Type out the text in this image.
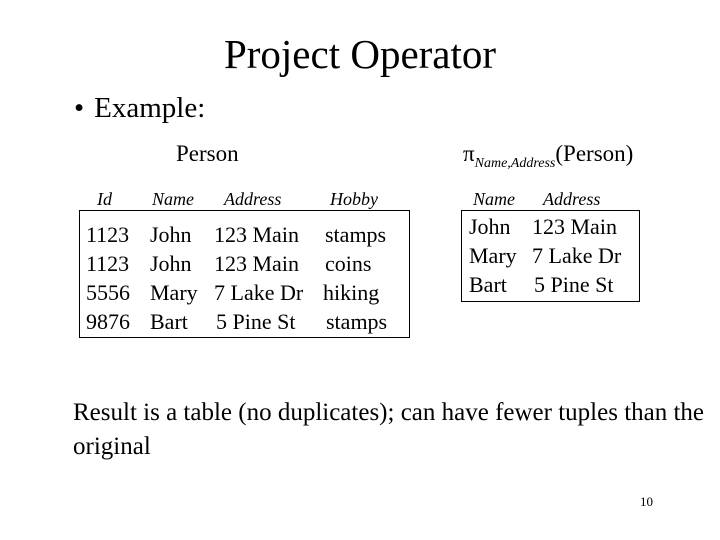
Project Operator
• Example:
Person
Id Name Address	Hobby
1123 John 123 Main stamps
1123 John 123 Main coins
5556 Mary 7 Lake Dr hiking
9876 Bart 5 Pine St stamps
$\pi_{Name,Address}(Person)$
Name Address
John 123 Main
Mary 7 Lake Dr
Bart 5 Pine St
Result is a table (no duplicates); can have fewer tuples than the original
10
